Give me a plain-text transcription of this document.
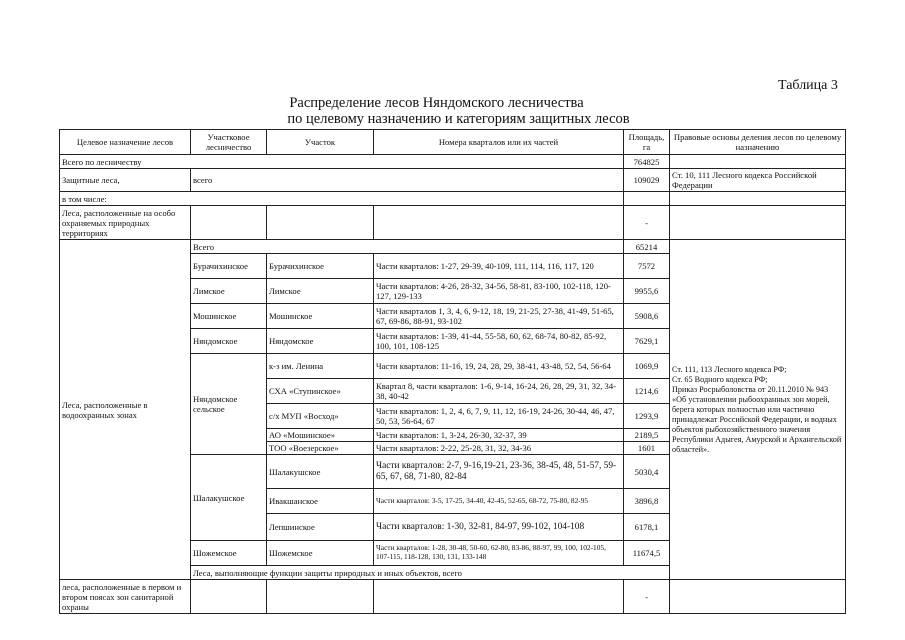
Таблица 3
Распределение лесов Няндомского лесничества
по целевому назначению и категориям защитных лесов
Целевое назначение лесов	Участковое лесничество	Участок	Номера кварталов или их частей	Площадь, га	Правовые основы деления лесов по целевому назначению	
Всего по лесничеству				764825		
Защитные леса,	всего			109029	Ст. 10, 111 Лесного кодекса Российской Федерации	
в том числе:						
Леса, расположенные на особо охраняемых природных территориях				-		
Леса, расположенные в водоохранных зонах	Всего			65214	Ст. 111, 113 Лесного кодекса РФ;
Ст. 65 Водного кодекса РФ;
Приказ Росрыболовства от 20.11.2010 № 943 «Об установлении рыбоохранных зон морей, берега которых полностью или частично принадлежат Российской Федерации, и водных объектов рыбохозяйственного значения Республики Адыгея, Амурской и Архангельской областей».	
	Бурачихинское	Бурачихинское	Части кварталов: 1-27, 29-39, 40-109, 111, 114, 116, 117, 120	7572		
	Лимское	Лимское	Части кварталов: 4-26, 28-32, 34-56, 58-81, 83-100, 102-118, 120-127, 129-133	9955,6		
	Мошинское	Мошинское	Части кварталов 1, 3, 4, 6, 9-12, 18, 19, 21-25, 27-38, 41-49, 51-65, 67, 69-86, 88-91, 93-102	5908,6		
	Няндомское	Няндомское	Части кварталов: 1-39, 41-44, 55-58, 60, 62, 68-74, 80-82, 85-92, 100, 101, 108-125	7629,1		
	Няндомское сельское	к-з им. Ленина	Части кварталов: 11-16, 19, 24, 28, 29, 38-41, 43-48, 52, 54, 56-64	1069,9		
		СХА «Ступинское»	Квартал 8, части кварталов: 1-6, 9-14, 16-24, 26, 28, 29, 31, 32, 34-38, 40-42	1214,6		
		с/х МУП «Восход»	Части кварталов: 1, 2, 4, 6, 7, 9, 11, 12, 16-19, 24-26, 30-44, 46, 47, 50, 53, 56-64, 67	1293,9		
		АО «Мошинское»	Части кварталов: 1, 3-24, 26-30, 32-37, 39	2189,5		
		ТОО «Воезерское»	Части кварталов: 2-22, 25-28, 31, 32, 34-36	1601		
	Шалакушское	Шалакушское	Части кварталов: 2-7, 9-16,19-21, 23-36, 38-45, 48, 51-57, 59-65, 67, 68, 71-80, 82-84	5030,4		
		Ивакшанское	Части кварталов: 3-5, 17-25, 34-40, 42-45, 52-65, 68-72, 75-80, 82-95	3896,8		
		Лепшинское	Части кварталов: 1-30, 32-81, 84-97, 99-102, 104-108	6178,1		
	Шожемское	Шожемское	Части кварталов: 1-28, 30-48, 50-60, 62-80, 83-86, 88-97, 99, 100, 102-105, 107-115, 118-128, 130, 131, 133-148	11674,5		
	Леса, выполняющие функции защиты природных и иных объектов, всего		
леса, расположенные в первом и втором поясах зон санитарной охраны				-		
